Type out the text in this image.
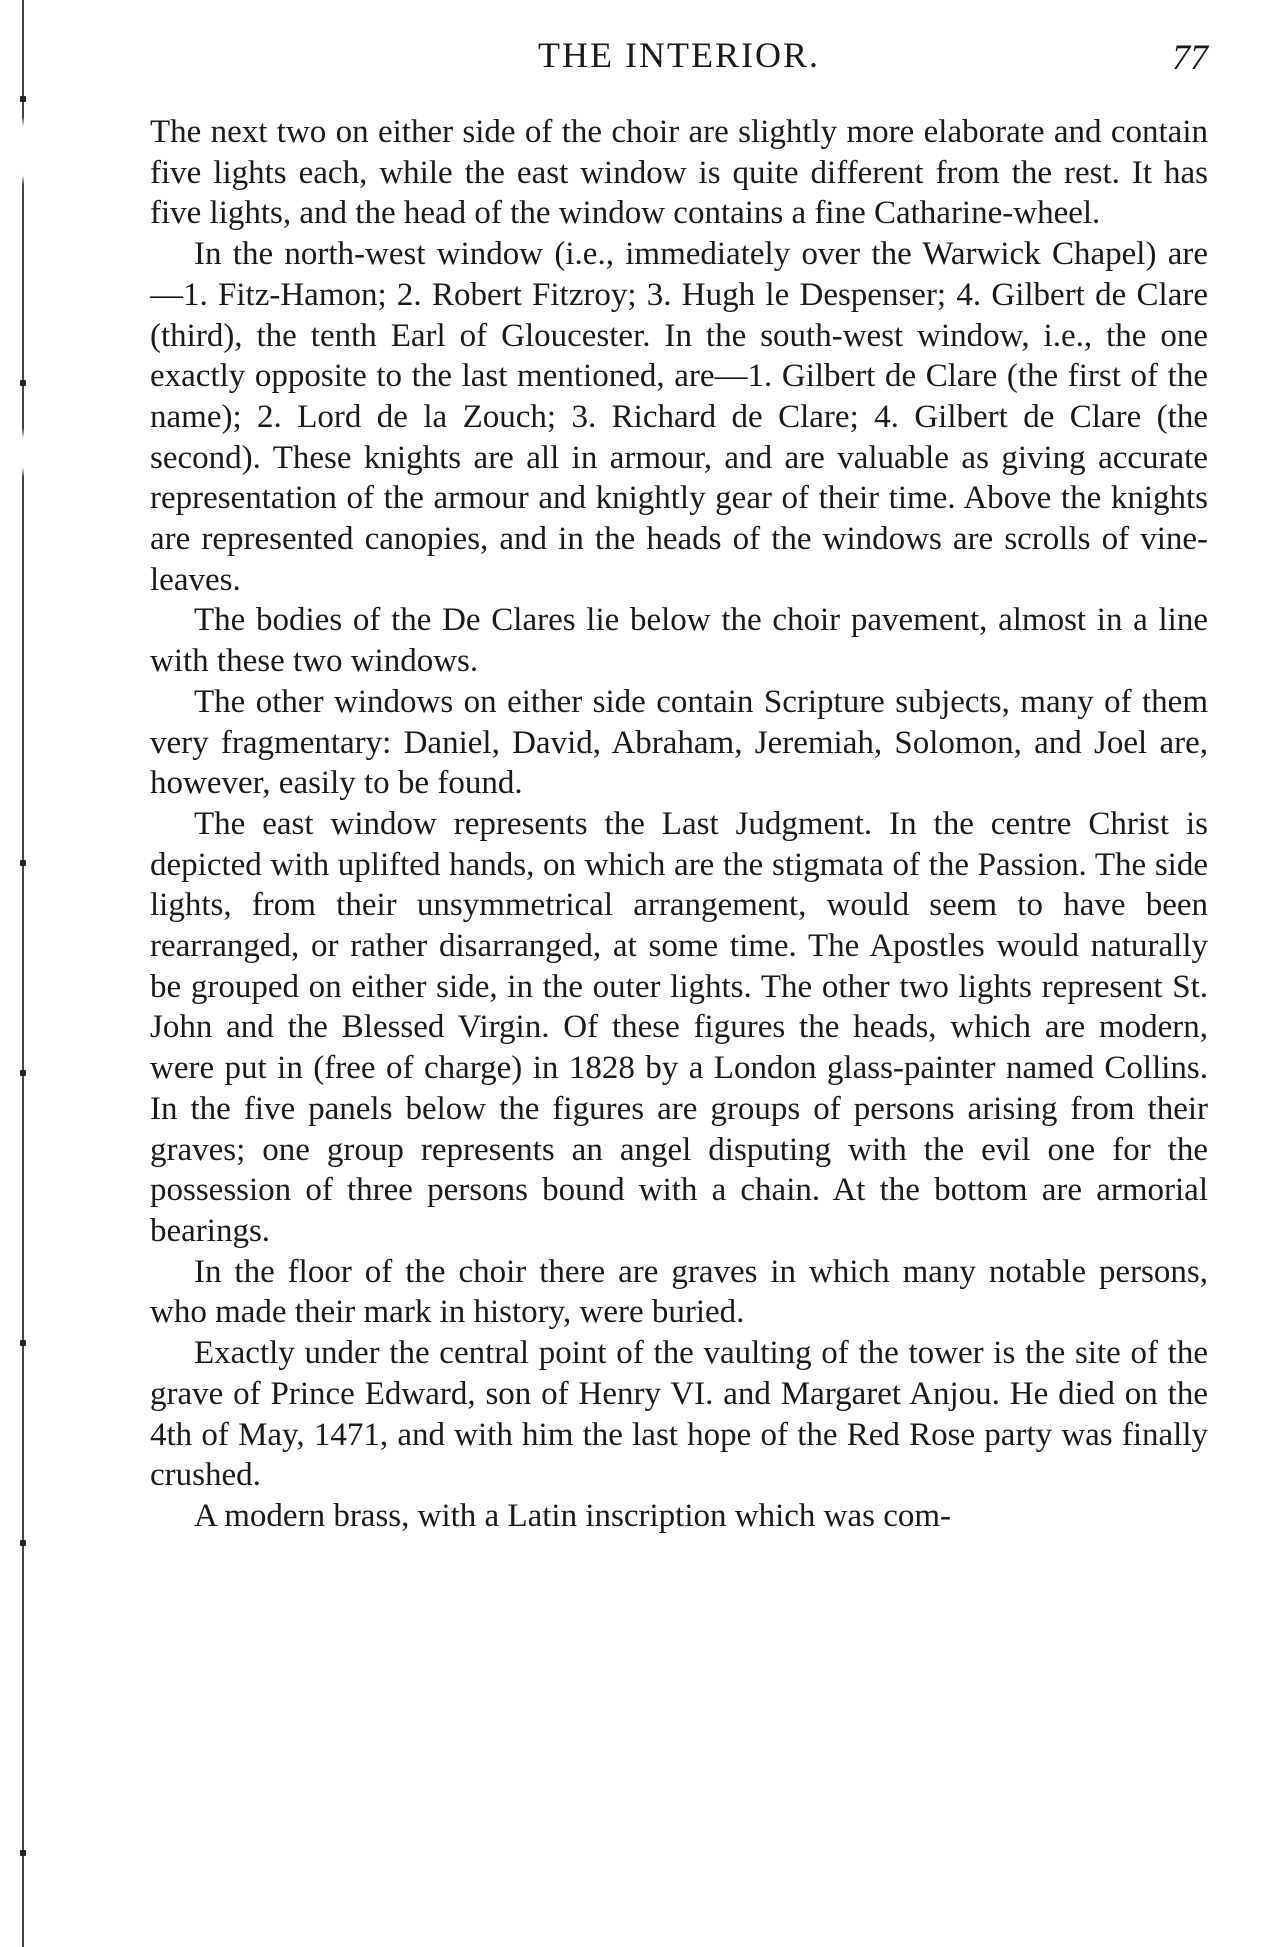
THE INTERIOR.	77

The next two on either side of the choir are slightly more elaborate and contain five lights each, while the east window is quite different from the rest. It has five lights, and the head of the window contains a fine Catharine-wheel.

In the north-west window (i.e., immediately over the Warwick Chapel) are—1. Fitz-Hamon; 2. Robert Fitzroy; 3. Hugh le Despenser; 4. Gilbert de Clare (third), the tenth Earl of Gloucester. In the south-west window, i.e., the one exactly opposite to the last mentioned, are—1. Gilbert de Clare (the first of the name); 2. Lord de la Zouch; 3. Richard de Clare; 4. Gilbert de Clare (the second). These knights are all in armour, and are valuable as giving accurate representation of the armour and knightly gear of their time. Above the knights are represented canopies, and in the heads of the windows are scrolls of vine-leaves.

The bodies of the De Clares lie below the choir pavement, almost in a line with these two windows.

The other windows on either side contain Scripture subjects, many of them very fragmentary: Daniel, David, Abraham, Jeremiah, Solomon, and Joel are, however, easily to be found.

The east window represents the Last Judgment. In the centre Christ is depicted with uplifted hands, on which are the stigmata of the Passion. The side lights, from their unsymmetrical arrangement, would seem to have been rearranged, or rather disarranged, at some time. The Apostles would naturally be grouped on either side, in the outer lights. The other two lights represent St. John and the Blessed Virgin. Of these figures the heads, which are modern, were put in (free of charge) in 1828 by a London glass-painter named Collins. In the five panels below the figures are groups of persons arising from their graves; one group represents an angel disputing with the evil one for the possession of three persons bound with a chain. At the bottom are armorial bearings.

In the floor of the choir there are graves in which many notable persons, who made their mark in history, were buried.

Exactly under the central point of the vaulting of the tower is the site of the grave of Prince Edward, son of Henry VI. and Margaret Anjou. He died on the 4th of May, 1471, and with him the last hope of the Red Rose party was finally crushed.

A modern brass, with a Latin inscription which was com-
